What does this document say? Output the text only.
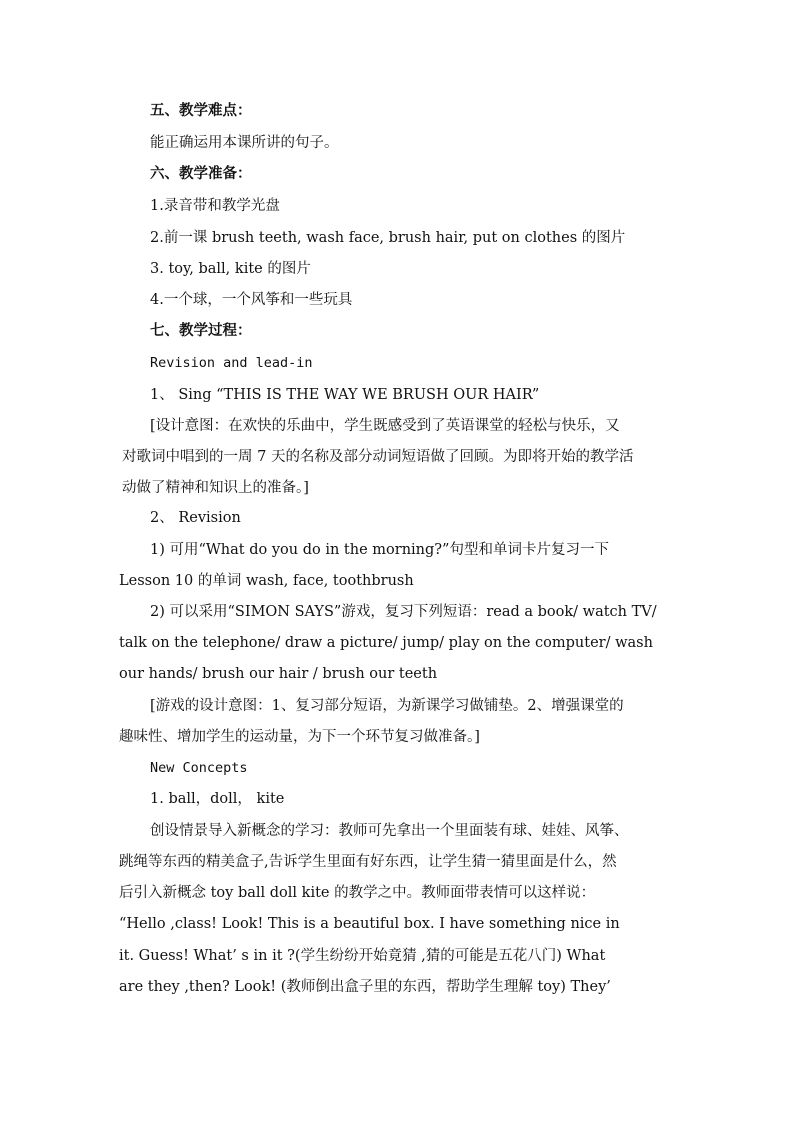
五、教学难点：
能正确运用本课所讲的句子。
六、教学准备：
1.录音带和教学光盘
2.前一课 brush teeth, wash face, brush hair, put on clothes 的图片
3. toy, ball, kite 的图片
4.一个球，一个风筝和一些玩具
七、教学过程：
Revision and lead-in
1、 Sing “THIS IS THE WAY WE BRUSH OUR HAIR”
[设计意图：在欢快的乐曲中，学生既感受到了英语课堂的轻松与快乐，又
对歌词中唱到的一周 7 天的名称及部分动词短语做了回顾。为即将开始的教学活
动做了精神和知识上的准备。]
2、 Revision
1) 可用“What do you do in the morning?”句型和单词卡片复习一下
Lesson 10 的单词 wash, face, toothbrush
2) 可以采用“SIMON SAYS”游戏，复习下列短语：read a book/ watch TV/
talk on the telephone/ draw a picture/ jump/ play on the computer/ wash
our hands/ brush our hair / brush our teeth
[游戏的设计意图：1、复习部分短语，为新课学习做铺垫。2、增强课堂的
趣味性、增加学生的运动量，为下一个环节复习做准备。]
New Concepts
1. ball，doll， kite
创设情景导入新概念的学习：教师可先拿出一个里面装有球、娃娃、风筝、
跳绳等东西的精美盒子,告诉学生里面有好东西，让学生猜一猜里面是什么，然
后引入新概念 toy ball doll kite 的教学之中。教师面带表情可以这样说：
“Hello ,class! Look! This is a beautiful box. I have something nice in
it. Guess! What’ s in it ?(学生纷纷开始竟猜 ,猜的可能是五花八门) What
are they ,then? Look! (教师倒出盒子里的东西，帮助学生理解 toy) They’
